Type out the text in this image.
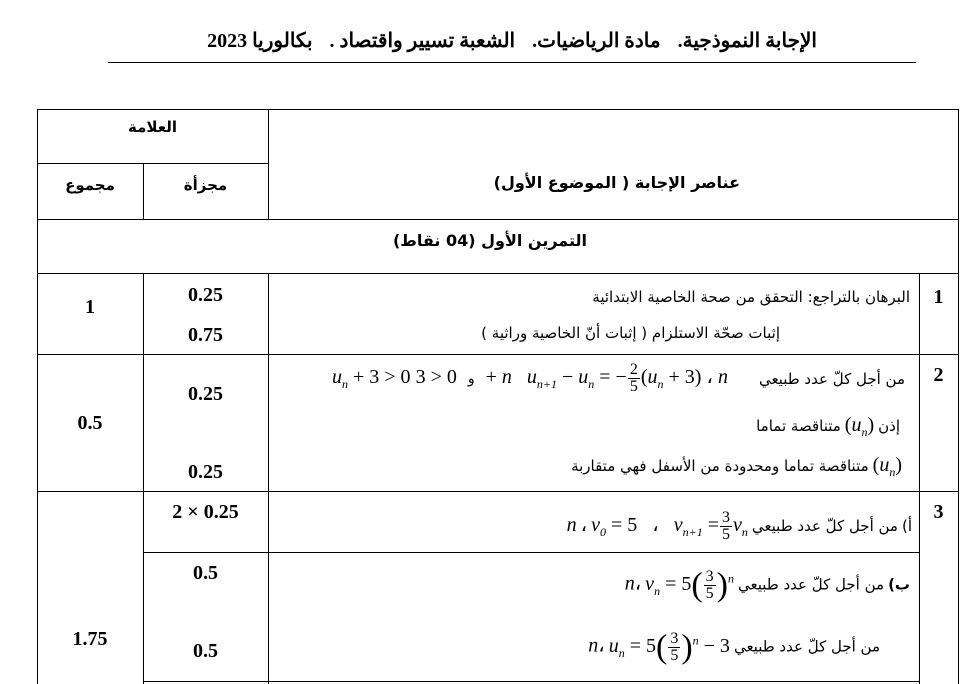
الإجابة النموذجية. مادة الرياضيات. الشعبة تسيير واقتصاد . بكالوريا 2023
العلامة
مجزأة
مجموع	عناصر الإجابة ( الموضوع الأول)
التمرين الأول (04 نقاط)
1
البرهان بالتراجع: التحقق من صحة الخاصية الابتدائية
إثبات صحّة الاستلزام ( إثبات أنّ الخاصية وراثية )
0.25
0.75
1
2
من أجل كلّ عدد طبيعي
$u_n + 3 > 0$	و 0 < 3 + n   $u_{n+1} - u_n$ = − $\frac{2}{5} (u_n + 3)$ ، n
إذن $(u_n)$ متناقصة تماما
$(u_n)$ متناقصة تماما ومحدودة من الأسفل فهي متقاربة
0.25
0.25
0.5
3
أ) من أجل كلّ عدد طبيعي n ، $v_0 = 5$   ،   $v_{n+1} = \frac{3}{5} v_n$
ب) من أجل كلّ عدد طبيعي n، $v_n = 5( \frac{3}{5} )^n$
من أجل كلّ عدد طبيعي n، $u_n = 5( \frac{3}{5} )^n - 3$
2 × 0.25
0.5
0.5
1.75
